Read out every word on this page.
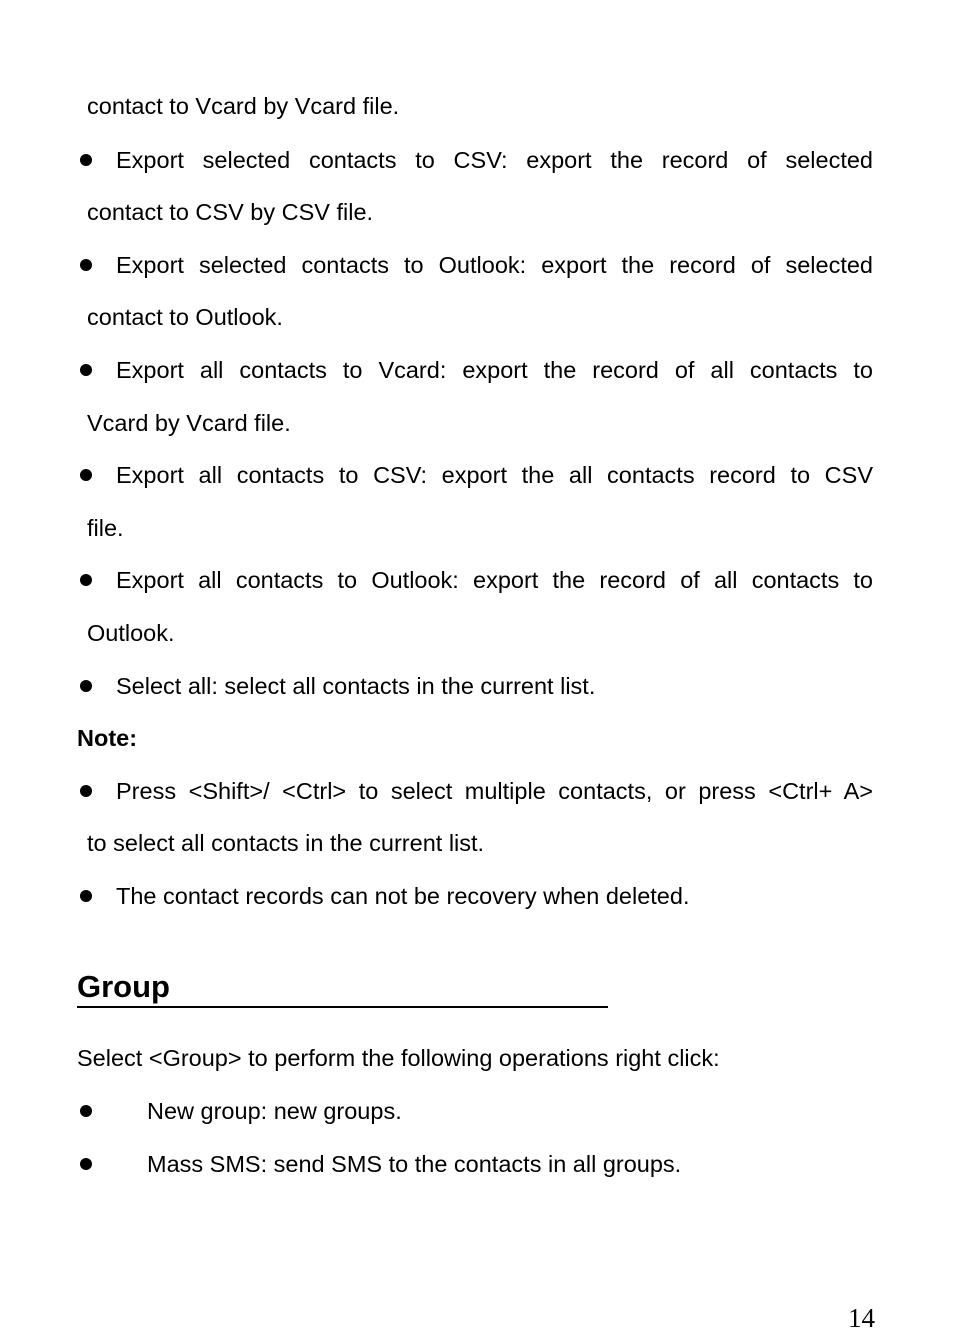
contact to Vcard by Vcard file.
Export selected contacts to CSV: export the record of selected
contact to CSV by CSV file.
Export selected contacts to Outlook: export the record of selected
contact to Outlook.
Export all contacts to Vcard: export the record of all contacts to
Vcard by Vcard file.
Export all contacts to CSV: export the all contacts record to CSV
file.
Export all contacts to Outlook: export the record of all contacts to
Outlook.
Select all: select all contacts in the current list.
Note:
Press <Shift>/ <Ctrl> to select multiple contacts, or press <Ctrl+ A>
to select all contacts in the current list.
The contact records can not be recovery when deleted.
Group
Select <Group> to perform the following operations right click:
New group: new groups.
Mass SMS: send SMS to the contacts in all groups.
14
